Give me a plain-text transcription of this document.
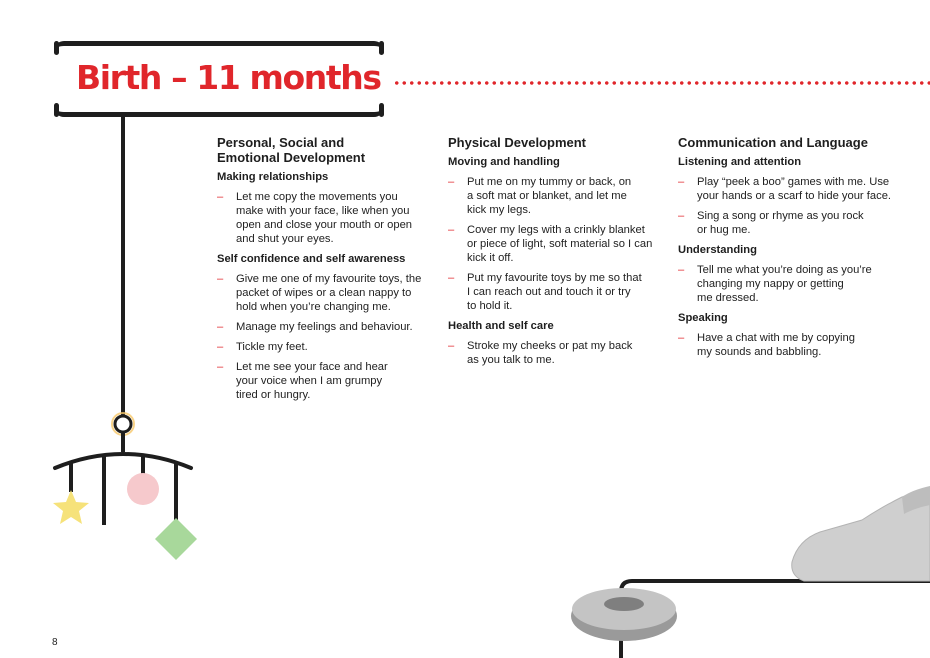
Birth – 11 months
Personal, Social and
Emotional Development
Making relationships
– Let me copy the movements you
make with your face, like when you
open and close your mouth or open
and shut your eyes.
Self confidence and self awareness
– Give me one of my favourite toys, the
packet of wipes or a clean nappy to
hold when you’re changing me.
– Manage my feelings and behaviour.
– Tickle my feet.
– Let me see your face and hear
your voice when I am grumpy
tired or hungry.
Physical Development
Moving and handling
– Put me on my tummy or back, on
a soft mat or blanket, and let me
kick my legs.
– Cover my legs with a crinkly blanket
or piece of light, soft material so I can
kick it off.
– Put my favourite toys by me so that
I can reach out and touch it or try
to hold it.
Health and self care
– Stroke my cheeks or pat my back
as you talk to me.
Communication and Language
Listening and attention
– Play “peek a boo” games with me. Use
your hands or a scarf to hide your face.
– Sing a song or rhyme as you rock
or hug me.
Understanding
– Tell me what you’re doing as you’re
changing my nappy or getting
me dressed.
Speaking
– Have a chat with me by copying
my sounds and babbling.
8
